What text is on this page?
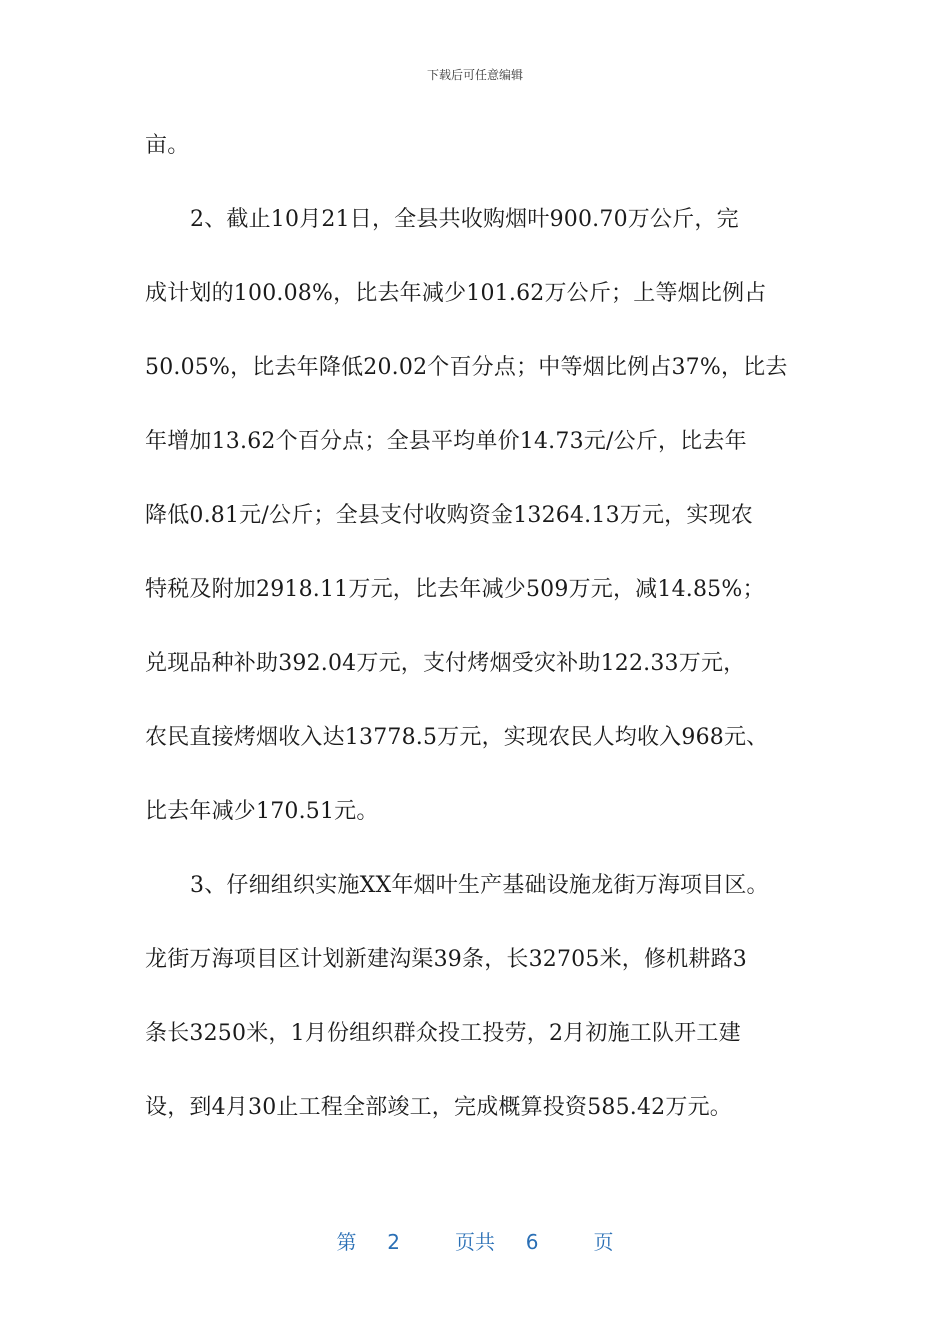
下载后可任意编辑
亩。
2、截止10月21日，全县共收购烟叶900.70万公斤，完
成计划的100.08%，比去年减少101.62万公斤；上等烟比例占
50.05%，比去年降低20.02个百分点；中等烟比例占37%，比去
年增加13.62个百分点；全县平均单价14.73元/公斤，比去年
降低0.81元/公斤；全县支付收购资金13264.13万元，实现农
特税及附加2918.11万元，比去年减少509万元，减14.85%；
兑现品种补助392.04万元，支付烤烟受灾补助122.33万元，
农民直接烤烟收入达13778.5万元，实现农民人均收入968元、
比去年减少170.51元。
3、仔细组织实施XX年烟叶生产基础设施龙街万海项目区。
龙街万海项目区计划新建沟渠39条，长32705米，修机耕路3
条长3250米，1月份组织群众投工投劳，2月初施工队开工建
设，到4月30止工程全部竣工，完成概算投资585.42万元。
第 2	页共 6	页
